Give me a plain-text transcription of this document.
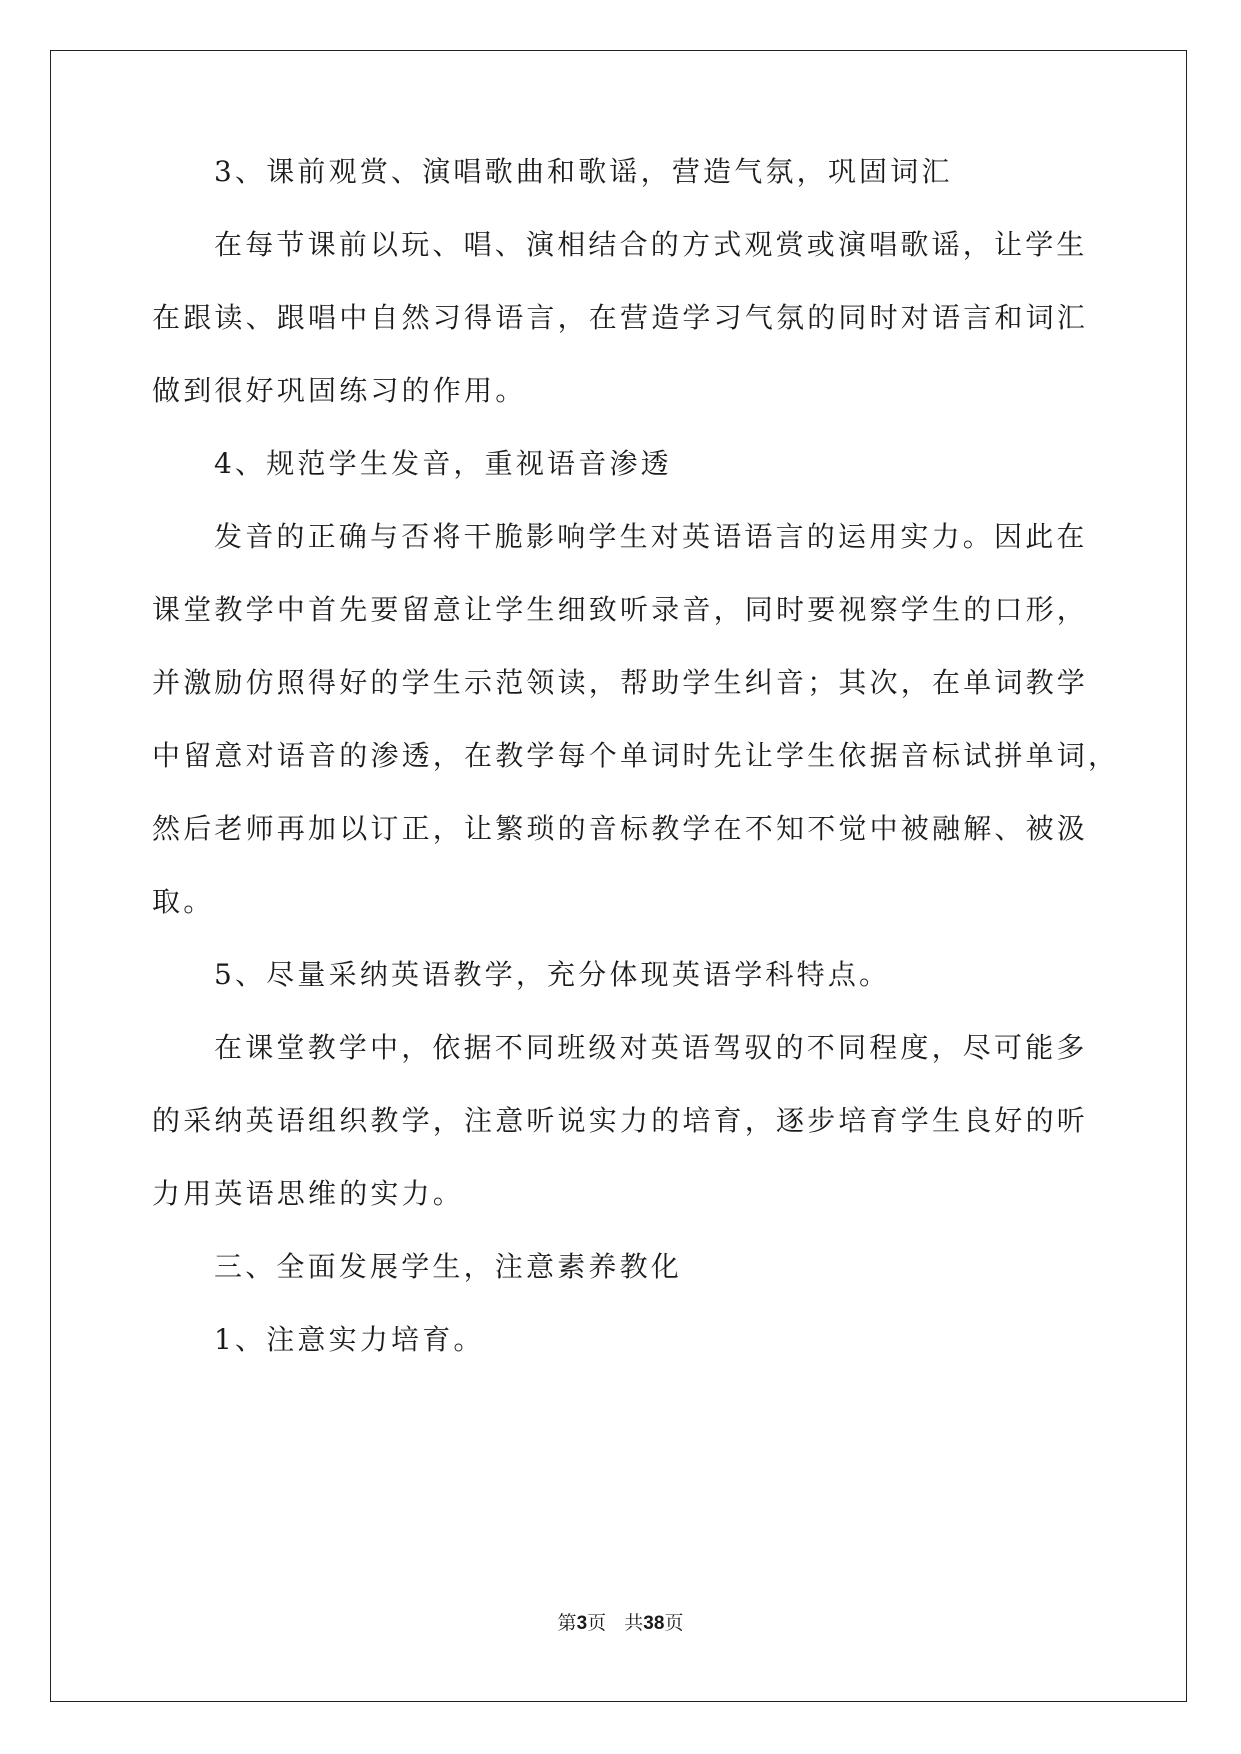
3、课前观赏、演唱歌曲和歌谣，营造气氛，巩固词汇
在每节课前以玩、唱、演相结合的方式观赏或演唱歌谣，让学生
在跟读、跟唱中自然习得语言，在营造学习气氛的同时对语言和词汇
做到很好巩固练习的作用。
4、规范学生发音，重视语音渗透
发音的正确与否将干脆影响学生对英语语言的运用实力。因此在
课堂教学中首先要留意让学生细致听录音，同时要视察学生的口形，
并激励仿照得好的学生示范领读，帮助学生纠音；其次，在单词教学
中留意对语音的渗透，在教学每个单词时先让学生依据音标试拼单词，
然后老师再加以订正，让繁琐的音标教学在不知不觉中被融解、被汲
取。
5、尽量采纳英语教学，充分体现英语学科特点。
在课堂教学中，依据不同班级对英语驾驭的不同程度，尽可能多
的采纳英语组织教学，注意听说实力的培育，逐步培育学生良好的听
力用英语思维的实力。
三、全面发展学生，注意素养教化
1、注意实力培育。
第3页 共38页
